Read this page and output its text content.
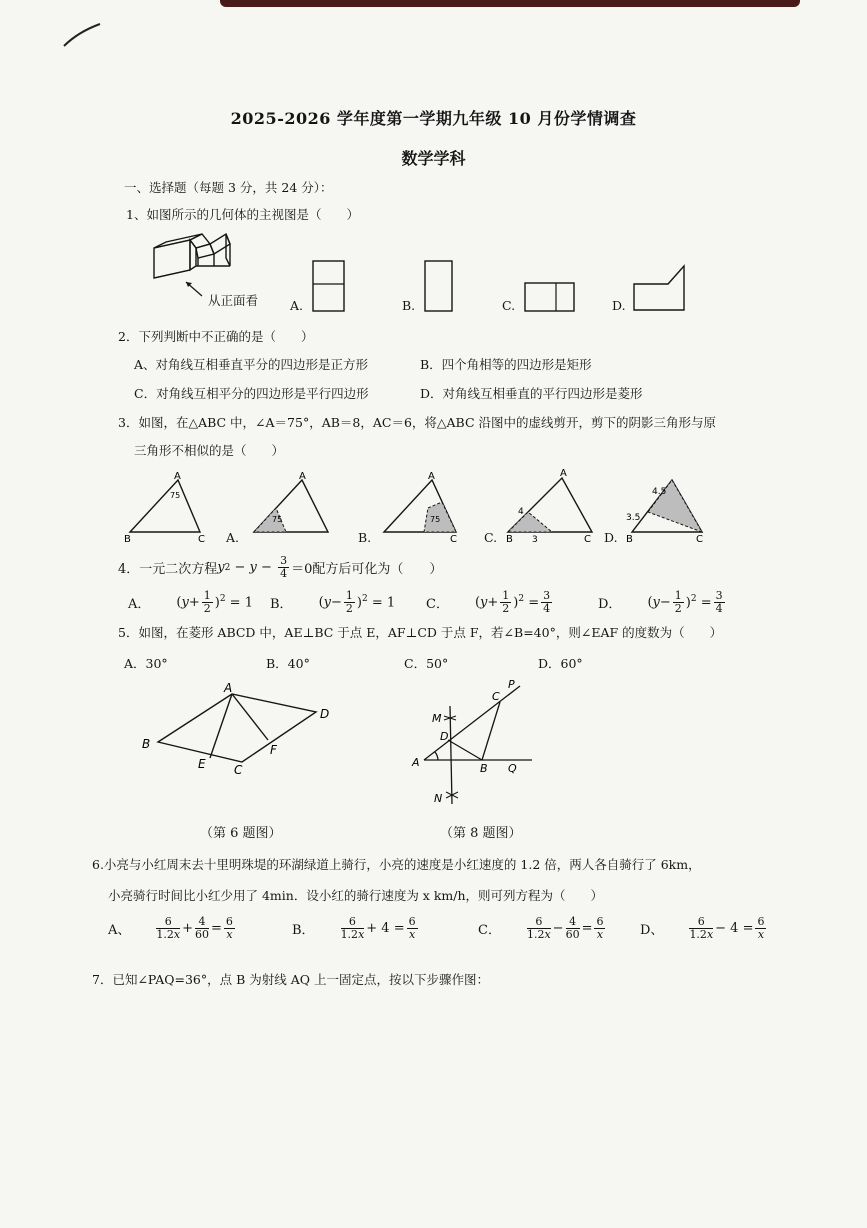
2025-2026 学年度第一学期九年级 10 月份学情调查
数学学科
一、选择题（每题 3 分，共 24 分）：
1、如图所示的几何体的主视图是（　　）
从正面看	A.	B.	C.	D.
2．下列判断中不正确的是（　　）
A、对角线互相垂直平分的四边形是正方形	B．四个角相等的四边形是矩形
C．对角线互相平分的四边形是平行四边形	D．对角线互相垂直的平行四边形是菱形
3．如图，在△ABC 中，∠A＝75°，AB＝8，AC＝6，将△ABC 沿图中的虚线剪开，剪下的阴影三角形与原
三角形不相似的是（　　）
A
75
B	C A.
A
75
B.
A
75
C C.
A
4
3
B	C D.
4.5
3.5
B	C
4．一元二次方程 y $2 - y - \frac{3}{4} =0$配方后可化为（　　）
A． $(y+ \frac{1}{2} )^2 = 1$ B． $(y- \frac{1}{2} )^2 = 1$ C． $(y+ \frac{1}{2} )^2 = \frac{3}{4}$	D． $(y- \frac{1}{2} )^2 = \frac{3}{4}$
5．如图，在菱形 ABCD 中，AE⊥BC 于点 E，AF⊥CD 于点 F，若∠B=40°，则∠EAF 的度数为（　　）
A．30°	B．40°	C．50°	D．60°
A
B
C
D
E
F
（第 6 题图）
M
N
A	B
C
D
P
Q
（第 8 题图）
6.小亮与小红周末去十里明珠堤的环湖绿道上骑行，小亮的速度是小红速度的 1.2 倍，两人各自骑行了 6km，
小亮骑行时间比小红少用了 4min．设小红的骑行速度为 x km/h，则可列方程为（　　）
A、 $\frac{6}{1.2x} + \frac{4}{60} = \frac{6}{x}$	B． $\frac{6}{1.2x} + 4 = \frac{6}{x}$	C． $\frac{6}{1.2x} - \frac{4}{60} = \frac{6}{x}$	D、 $\frac{6}{1.2x} - 4 = \frac{6}{x}$
7．已知∠PAQ=36°，点 B 为射线 AQ 上一固定点，按以下步骤作图：
